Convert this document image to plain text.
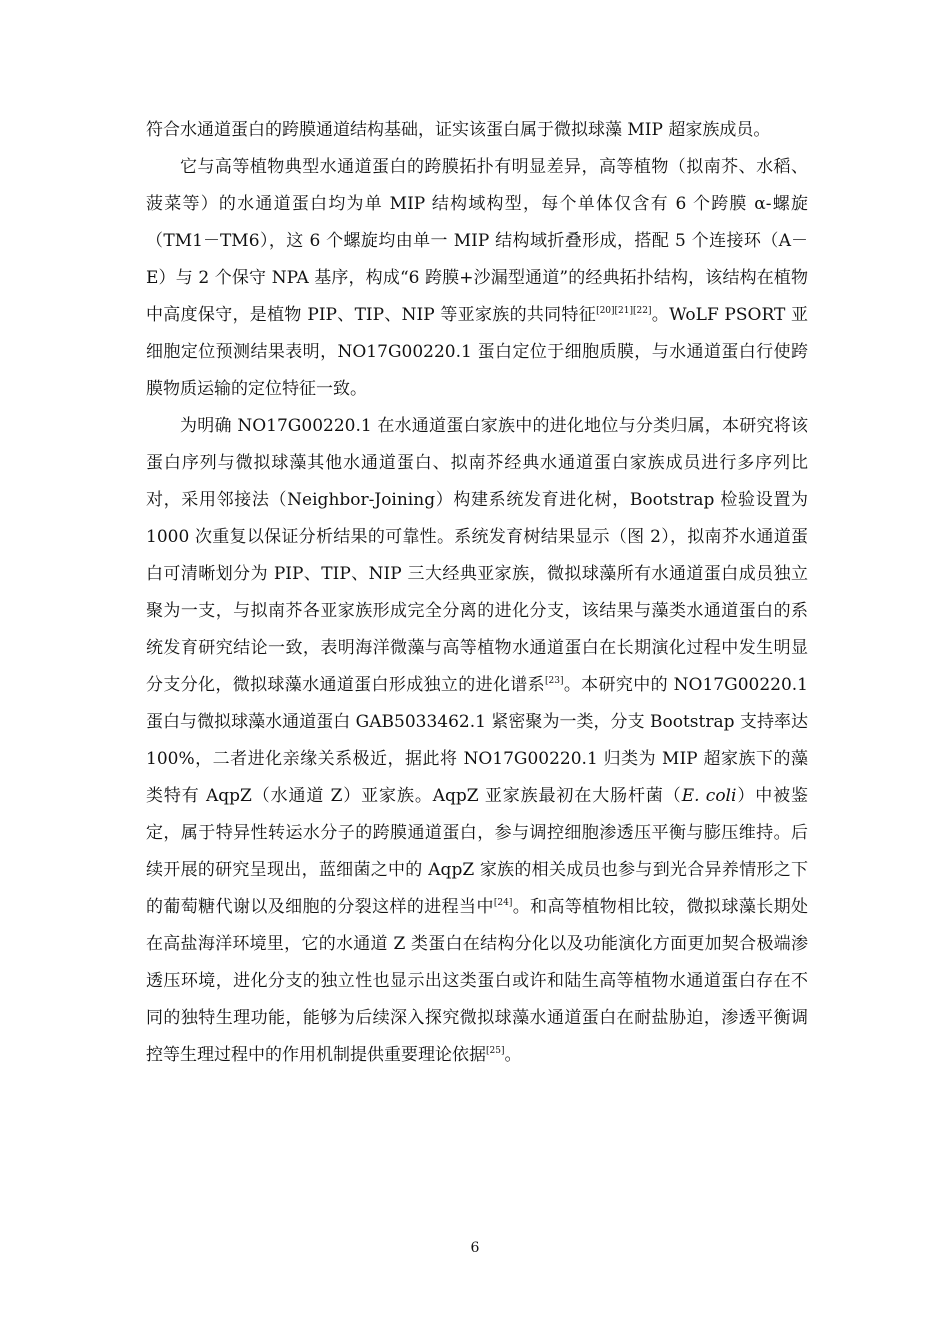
符合水通道蛋白的跨膜通道结构基础，证实该蛋白属于微拟球藻 MIP 超家族成员。

它与高等植物典型水通道蛋白的跨膜拓扑有明显差异，高等植物（拟南芥、水稻、菠菜等）的水通道蛋白均为单 MIP 结构域构型，每个单体仅含有 6 个跨膜 α-螺旋（TM1－TM6），这 6 个螺旋均由单一 MIP 结构域折叠形成，搭配 5 个连接环（A－E）与 2 个保守 NPA 基序，构成“6 跨膜+沙漏型通道”的经典拓扑结构，该结构在植物中高度保守，是植物 PIP、TIP、NIP 等亚家族的共同特征[20][21][22]。WoLF PSORT 亚细胞定位预测结果表明，NO17G00220.1 蛋白定位于细胞质膜，与水通道蛋白行使跨膜物质运输的定位特征一致。

为明确 NO17G00220.1 在水通道蛋白家族中的进化地位与分类归属，本研究将该蛋白序列与微拟球藻其他水通道蛋白、拟南芥经典水通道蛋白家族成员进行多序列比对，采用邻接法（Neighbor-Joining）构建系统发育进化树，Bootstrap 检验设置为 1000 次重复以保证分析结果的可靠性。系统发育树结果显示（图 2），拟南芥水通道蛋白可清晰划分为 PIP、TIP、NIP 三大经典亚家族，微拟球藻所有水通道蛋白成员独立聚为一支，与拟南芥各亚家族形成完全分离的进化分支，该结果与藻类水通道蛋白的系统发育研究结论一致，表明海洋微藻与高等植物水通道蛋白在长期演化过程中发生明显分支分化，微拟球藻水通道蛋白形成独立的进化谱系[23]。本研究中的 NO17G00220.1 蛋白与微拟球藻水通道蛋白 GAB5033462.1 紧密聚为一类，分支 Bootstrap 支持率达 100%，二者进化亲缘关系极近，据此将 NO17G00220.1 归类为 MIP 超家族下的藻类特有 AqpZ（水通道 Z）亚家族。AqpZ 亚家族最初在大肠杆菌（E. coli）中被鉴定，属于特异性转运水分子的跨膜通道蛋白，参与调控细胞渗透压平衡与膨压维持。后续开展的研究呈现出，蓝细菌之中的 AqpZ 家族的相关成员也参与到光合异养情形之下的葡萄糖代谢以及细胞的分裂这样的进程当中[24]。和高等植物相比较，微拟球藻长期处在高盐海洋环境里，它的水通道 Z 类蛋白在结构分化以及功能演化方面更加契合极端渗透压环境，进化分支的独立性也显示出这类蛋白或许和陆生高等植物水通道蛋白存在不同的独特生理功能，能够为后续深入探究微拟球藻水通道蛋白在耐盐胁迫，渗透平衡调控等生理过程中的作用机制提供重要理论依据[25]。

6
